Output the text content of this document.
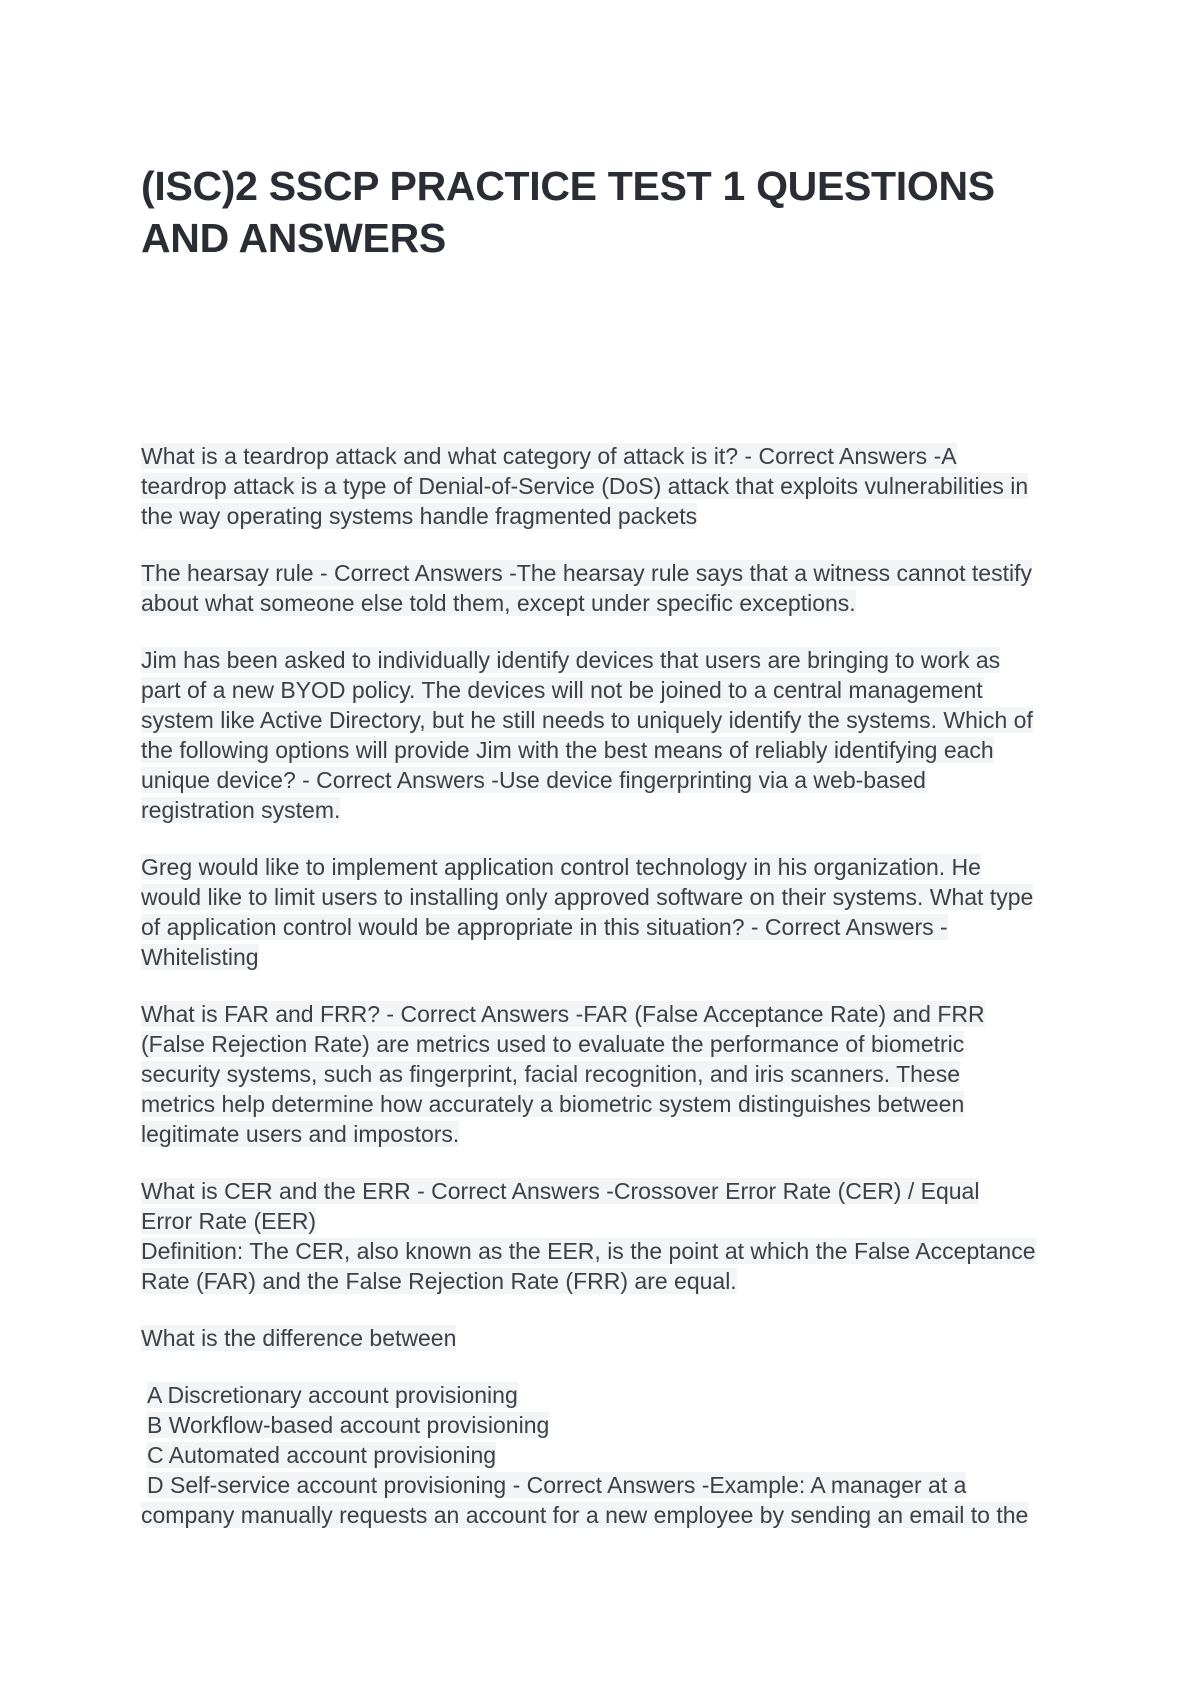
(ISC)2 SSCP PRACTICE TEST 1 QUESTIONS
AND ANSWERS

What is a teardrop attack and what category of attack is it? - Correct Answers -A
teardrop attack is a type of Denial-of-Service (DoS) attack that exploits vulnerabilities in
the way operating systems handle fragmented packets

The hearsay rule - Correct Answers -The hearsay rule says that a witness cannot testify
about what someone else told them, except under specific exceptions.

Jim has been asked to individually identify devices that users are bringing to work as
part of a new BYOD policy. The devices will not be joined to a central management
system like Active Directory, but he still needs to uniquely identify the systems. Which of
the following options will provide Jim with the best means of reliably identifying each
unique device? - Correct Answers -Use device fingerprinting via a web-based
registration system.

Greg would like to implement application control technology in his organization. He
would like to limit users to installing only approved software on their systems. What type
of application control would be appropriate in this situation? - Correct Answers -
Whitelisting

What is FAR and FRR? - Correct Answers -FAR (False Acceptance Rate) and FRR
(False Rejection Rate) are metrics used to evaluate the performance of biometric
security systems, such as fingerprint, facial recognition, and iris scanners. These
metrics help determine how accurately a biometric system distinguishes between
legitimate users and impostors.

What is CER and the ERR - Correct Answers -Crossover Error Rate (CER) / Equal
Error Rate (EER)
Definition: The CER, also known as the EER, is the point at which the False Acceptance
Rate (FAR) and the False Rejection Rate (FRR) are equal.

What is the difference between

A Discretionary account provisioning
B Workflow-based account provisioning
C Automated account provisioning
D Self-service account provisioning - Correct Answers -Example: A manager at a
company manually requests an account for a new employee by sending an email to the
